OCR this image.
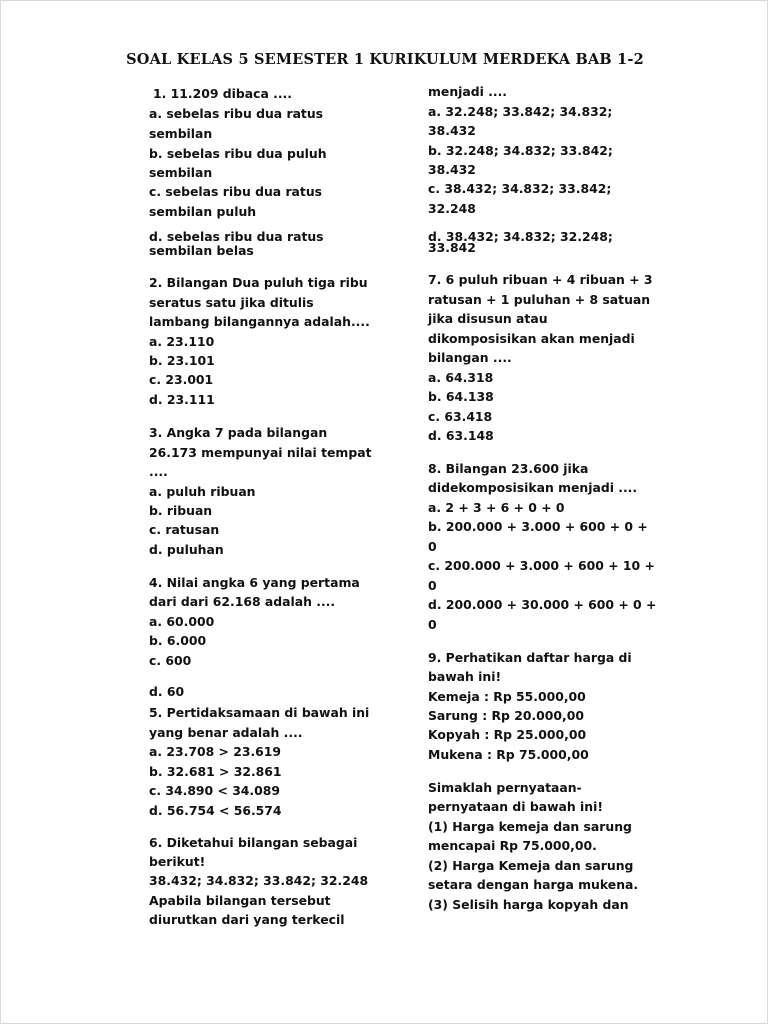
SOAL KELAS 5 SEMESTER 1 KURIKULUM MERDEKA BAB 1-2
1. 11.209 dibaca ....
a. sebelas ribu dua ratus
sembilan
b. sebelas ribu dua puluh
sembilan
c. sebelas ribu dua ratus
sembilan puluh
d. sebelas ribu dua ratus
sembilan belas
2. Bilangan Dua puluh tiga ribu
seratus satu jika ditulis
lambang bilangannya adalah....
a. 23.110
b. 23.101
c. 23.001
d. 23.111
3. Angka 7 pada bilangan
26.173 mempunyai nilai tempat
....
a. puluh ribuan
b. ribuan
c. ratusan
d. puluhan
4. Nilai angka 6 yang pertama
dari dari 62.168 adalah ....
a. 60.000
b. 6.000
c. 600
d. 60
5. Pertidaksamaan di bawah ini
yang benar adalah ....
a. 23.708 > 23.619
b. 32.681 > 32.861
c. 34.890 < 34.089
d. 56.754 < 56.574
6. Diketahui bilangan sebagai
berikut!
38.432; 34.832; 33.842; 32.248
Apabila bilangan tersebut
diurutkan dari yang terkecil
menjadi ....
a. 32.248; 33.842; 34.832;
38.432
b. 32.248; 34.832; 33.842;
38.432
c. 38.432; 34.832; 33.842;
32.248
d. 38.432; 34.832; 32.248;
33.842
7. 6 puluh ribuan + 4 ribuan + 3
ratusan + 1 puluhan + 8 satuan
jika disusun atau
dikomposisikan akan menjadi
bilangan ....
a. 64.318
b. 64.138
c. 63.418
d. 63.148
8. Bilangan 23.600 jika
didekomposisikan menjadi ....
a. 2 + 3 + 6 + 0 + 0
b. 200.000 + 3.000 + 600 + 0 +
0
c. 200.000 + 3.000 + 600 + 10 +
0
d. 200.000 + 30.000 + 600 + 0 +
0
9. Perhatikan daftar harga di
bawah ini!
Kemeja : Rp 55.000,00
Sarung : Rp 20.000,00
Kopyah : Rp 25.000,00
Mukena : Rp 75.000,00
Simaklah pernyataan-
pernyataan di bawah ini!
(1) Harga kemeja dan sarung
mencapai Rp 75.000,00.
(2) Harga Kemeja dan sarung
setara dengan harga mukena.
(3) Selisih harga kopyah dan
